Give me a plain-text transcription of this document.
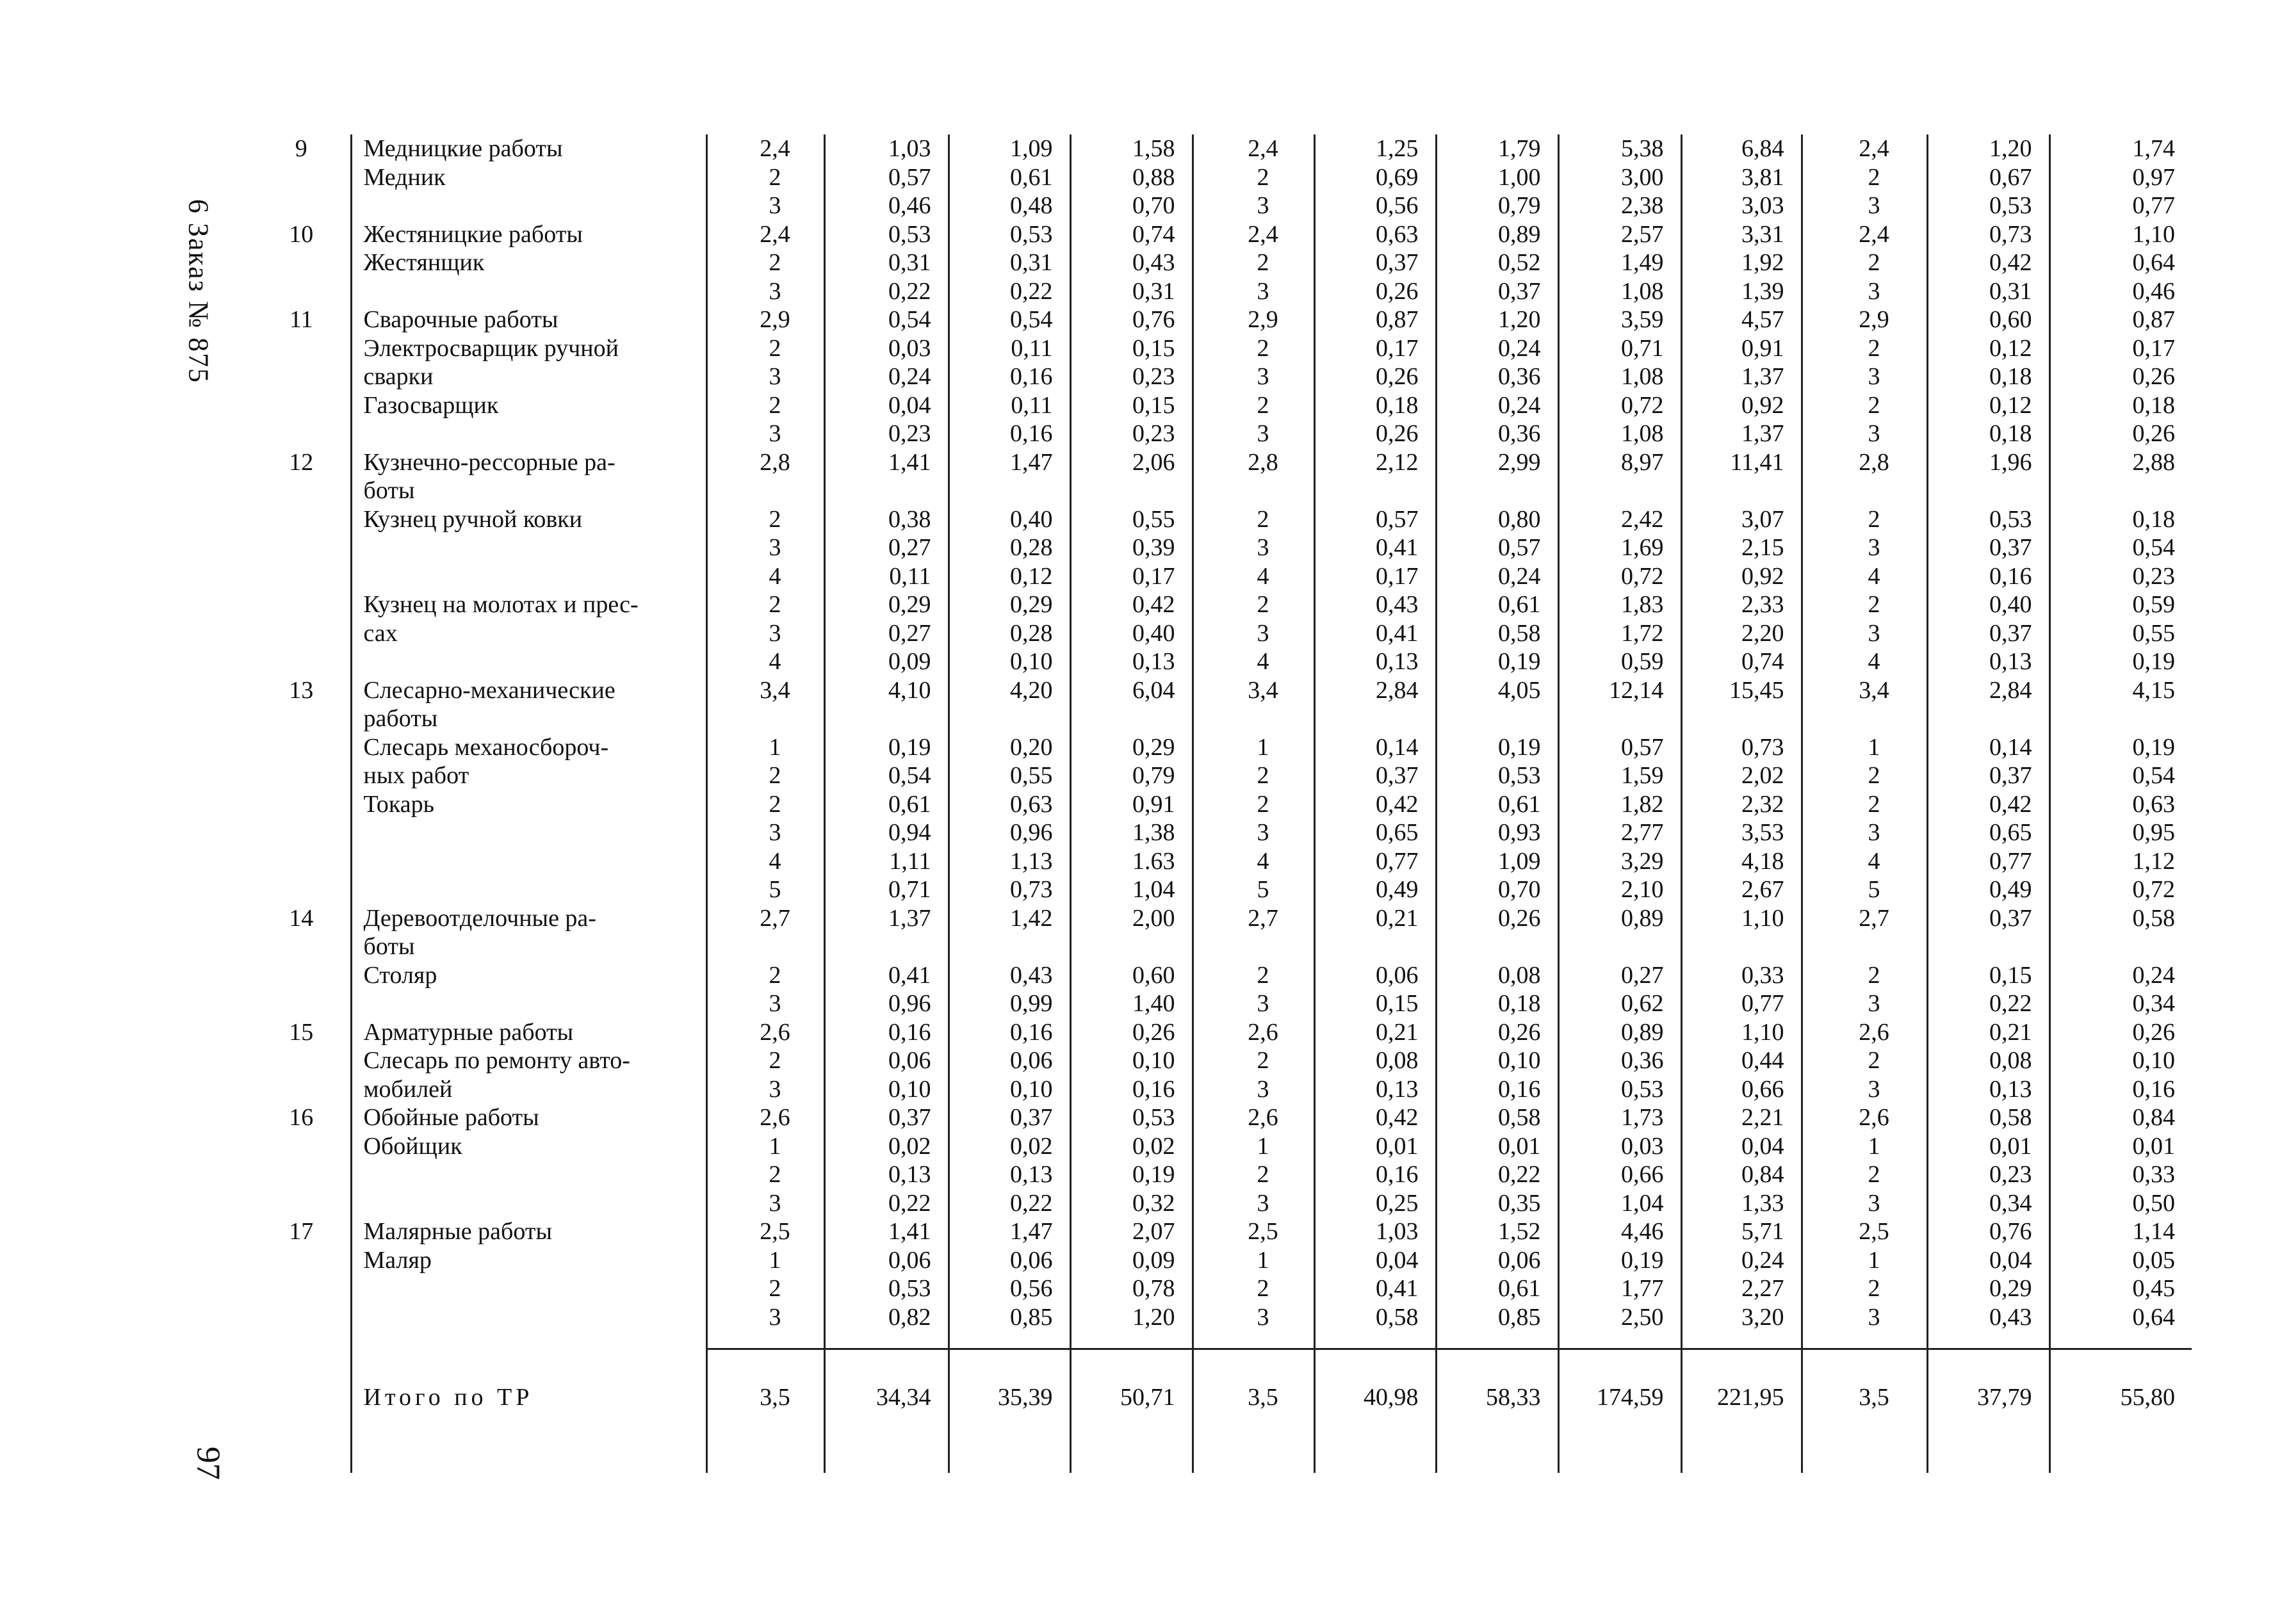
6 Заказ № 875
97
9	Медницкие работы	2,4	1,03	1,09	1,58	2,4	1,25	1,79	5,38	6,84	2,4	1,20	1,74
	Медник	2	0,57	0,61	0,88	2	0,69	1,00	3,00	3,81	2	0,67	0,97
		3	0,46	0,48	0,70	3	0,56	0,79	2,38	3,03	3	0,53	0,77
10	Жестяницкие работы	2,4	0,53	0,53	0,74	2,4	0,63	0,89	2,57	3,31	2,4	0,73	1,10
	Жестянщик	2	0,31	0,31	0,43	2	0,37	0,52	1,49	1,92	2	0,42	0,64
		3	0,22	0,22	0,31	3	0,26	0,37	1,08	1,39	3	0,31	0,46
11	Сварочные работы	2,9	0,54	0,54	0,76	2,9	0,87	1,20	3,59	4,57	2,9	0,60	0,87
	Электросварщик ручной	2	0,03	0,11	0,15	2	0,17	0,24	0,71	0,91	2	0,12	0,17
	сварки	3	0,24	0,16	0,23	3	0,26	0,36	1,08	1,37	3	0,18	0,26
	Газосварщик	2	0,04	0,11	0,15	2	0,18	0,24	0,72	0,92	2	0,12	0,18
		3	0,23	0,16	0,23	3	0,26	0,36	1,08	1,37	3	0,18	0,26
12	Кузнечно-рессорные ра-	2,8	1,41	1,47	2,06	2,8	2,12	2,99	8,97	11,41	2,8	1,96	2,88
	боты												
	Кузнец ручной ковки	2	0,38	0,40	0,55	2	0,57	0,80	2,42	3,07	2	0,53	0,18
		3	0,27	0,28	0,39	3	0,41	0,57	1,69	2,15	3	0,37	0,54
		4	0,11	0,12	0,17	4	0,17	0,24	0,72	0,92	4	0,16	0,23
	Кузнец на молотах и прес-	2	0,29	0,29	0,42	2	0,43	0,61	1,83	2,33	2	0,40	0,59
	сах	3	0,27	0,28	0,40	3	0,41	0,58	1,72	2,20	3	0,37	0,55
		4	0,09	0,10	0,13	4	0,13	0,19	0,59	0,74	4	0,13	0,19
13	Слесарно-механические	3,4	4,10	4,20	6,04	3,4	2,84	4,05	12,14	15,45	3,4	2,84	4,15
	работы												
	Слесарь механосбороч-	1	0,19	0,20	0,29	1	0,14	0,19	0,57	0,73	1	0,14	0,19
	ных работ	2	0,54	0,55	0,79	2	0,37	0,53	1,59	2,02	2	0,37	0,54
	Токарь	2	0,61	0,63	0,91	2	0,42	0,61	1,82	2,32	2	0,42	0,63
		3	0,94	0,96	1,38	3	0,65	0,93	2,77	3,53	3	0,65	0,95
		4	1,11	1,13	1.63	4	0,77	1,09	3,29	4,18	4	0,77	1,12
		5	0,71	0,73	1,04	5	0,49	0,70	2,10	2,67	5	0,49	0,72
14	Деревоотделочные ра-	2,7	1,37	1,42	2,00	2,7	0,21	0,26	0,89	1,10	2,7	0,37	0,58
	боты												
	Столяр	2	0,41	0,43	0,60	2	0,06	0,08	0,27	0,33	2	0,15	0,24
		3	0,96	0,99	1,40	3	0,15	0,18	0,62	0,77	3	0,22	0,34
15	Арматурные работы	2,6	0,16	0,16	0,26	2,6	0,21	0,26	0,89	1,10	2,6	0,21	0,26
	Слесарь по ремонту авто-	2	0,06	0,06	0,10	2	0,08	0,10	0,36	0,44	2	0,08	0,10
	мобилей	3	0,10	0,10	0,16	3	0,13	0,16	0,53	0,66	3	0,13	0,16
16	Обойные работы	2,6	0,37	0,37	0,53	2,6	0,42	0,58	1,73	2,21	2,6	0,58	0,84
	Обойщик	1	0,02	0,02	0,02	1	0,01	0,01	0,03	0,04	1	0,01	0,01
		2	0,13	0,13	0,19	2	0,16	0,22	0,66	0,84	2	0,23	0,33
		3	0,22	0,22	0,32	3	0,25	0,35	1,04	1,33	3	0,34	0,50
17	Малярные работы	2,5	1,41	1,47	2,07	2,5	1,03	1,52	4,46	5,71	2,5	0,76	1,14
	Маляр	1	0,06	0,06	0,09	1	0,04	0,06	0,19	0,24	1	0,04	0,05
		2	0,53	0,56	0,78	2	0,41	0,61	1,77	2,27	2	0,29	0,45
		3	0,82	0,85	1,20	3	0,58	0,85	2,50	3,20	3	0,43	0,64

	Итого по ТР	3,5	34,34	35,39	50,71	3,5	40,98	58,33	174,59	221,95	3,5	37,79	55,80
